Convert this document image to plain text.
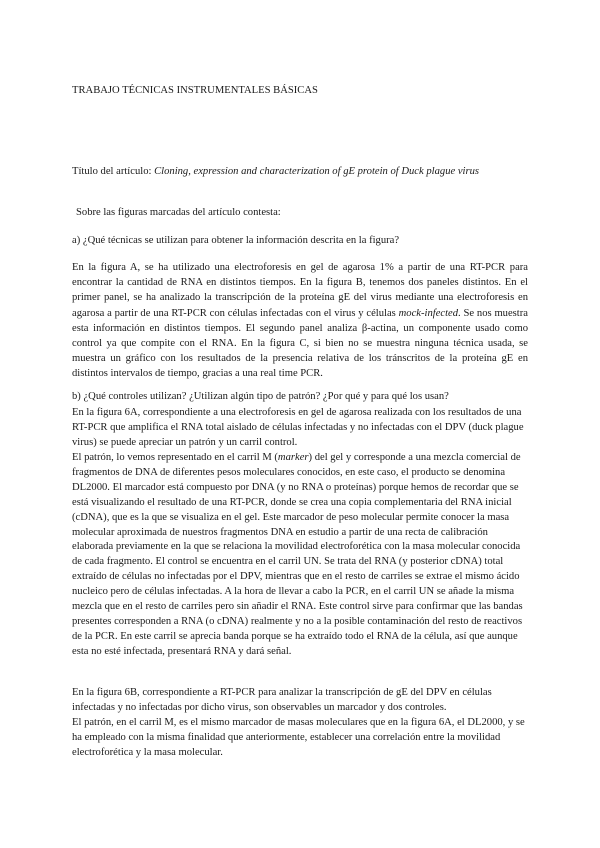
TRABAJO TÉCNICAS INSTRUMENTALES BÁSICAS

Título del artículo: Cloning, expression and characterization of gE protein of Duck plague virus

Sobre las figuras marcadas del artículo contesta:

a) ¿Qué técnicas se utilizan para obtener la información descrita en la figura?

En la figura A, se ha utilizado una electroforesis en gel de agarosa 1% a partir de una RT-PCR para encontrar la cantidad de RNA en distintos tiempos. En la figura B, tenemos dos paneles distintos. En el primer panel, se ha analizado la transcripción de la proteína gE del virus mediante una electroforesis en agarosa a partir de una RT-PCR con células infectadas con el virus y células mock-infected. Se nos muestra esta información en distintos tiempos. El segundo panel analiza β-actina, un componente usado como control ya que compite con el RNA. En la figura C, si bien no se muestra ninguna técnica usada, se muestra un gráfico con los resultados de la presencia relativa de los tránscritos de la proteína gE en distintos intervalos de tiempo, gracias a una real time PCR.

b) ¿Qué controles utilizan? ¿Utilizan algún tipo de patrón? ¿Por qué y para qué los usan?

En la figura 6A, correspondiente a una electroforesis en gel de agarosa realizada con los resultados de una RT-PCR que amplifica el RNA total aislado de células infectadas y no infectadas con el DPV (duck plague virus) se puede apreciar un patrón y un carril control.

El patrón, lo vemos representado en el carril M (marker) del gel y corresponde a una mezcla comercial de fragmentos de DNA de diferentes pesos moleculares conocidos, en este caso, el producto se denomina DL2000. El marcador está compuesto por DNA (y no RNA o proteínas) porque hemos de recordar que se está visualizando el resultado de una RT-PCR, donde se crea una copia complementaria del RNA inicial (cDNA), que es la que se visualiza en el gel. Este marcador de peso molecular permite conocer la masa molecular aproximada de nuestros fragmentos DNA en estudio a partir de una recta de calibración elaborada previamente en la que se relaciona la movilidad electroforética con la masa molecular conocida de cada fragmento. El control se encuentra en el carril UN. Se trata del RNA (y posterior cDNA) total extraído de células no infectadas por el DPV, mientras que en el resto de carriles se extrae el mismo ácido nucleico pero de células infectadas. A la hora de llevar a cabo la PCR, en el carril UN se añade la misma mezcla que en el resto de carriles pero sin añadir el RNA. Este control sirve para confirmar que las bandas presentes corresponden a RNA (o cDNA) realmente y no a la posible contaminación del resto de reactivos de la PCR. En este carril se aprecia banda porque se ha extraído todo el RNA de la célula, así que aunque esta no esté infectada, presentará RNA y dará señal.

En la figura 6B, correspondiente a RT-PCR para analizar la transcripción de gE del DPV en células infectadas y no infectadas por dicho virus, son observables un marcador y dos controles.

El patrón, en el carril M, es el mismo marcador de masas moleculares que en la figura 6A, el DL2000, y se ha empleado con la misma finalidad que anteriormente, establecer una correlación entre la movilidad electroforética y la masa molecular.
